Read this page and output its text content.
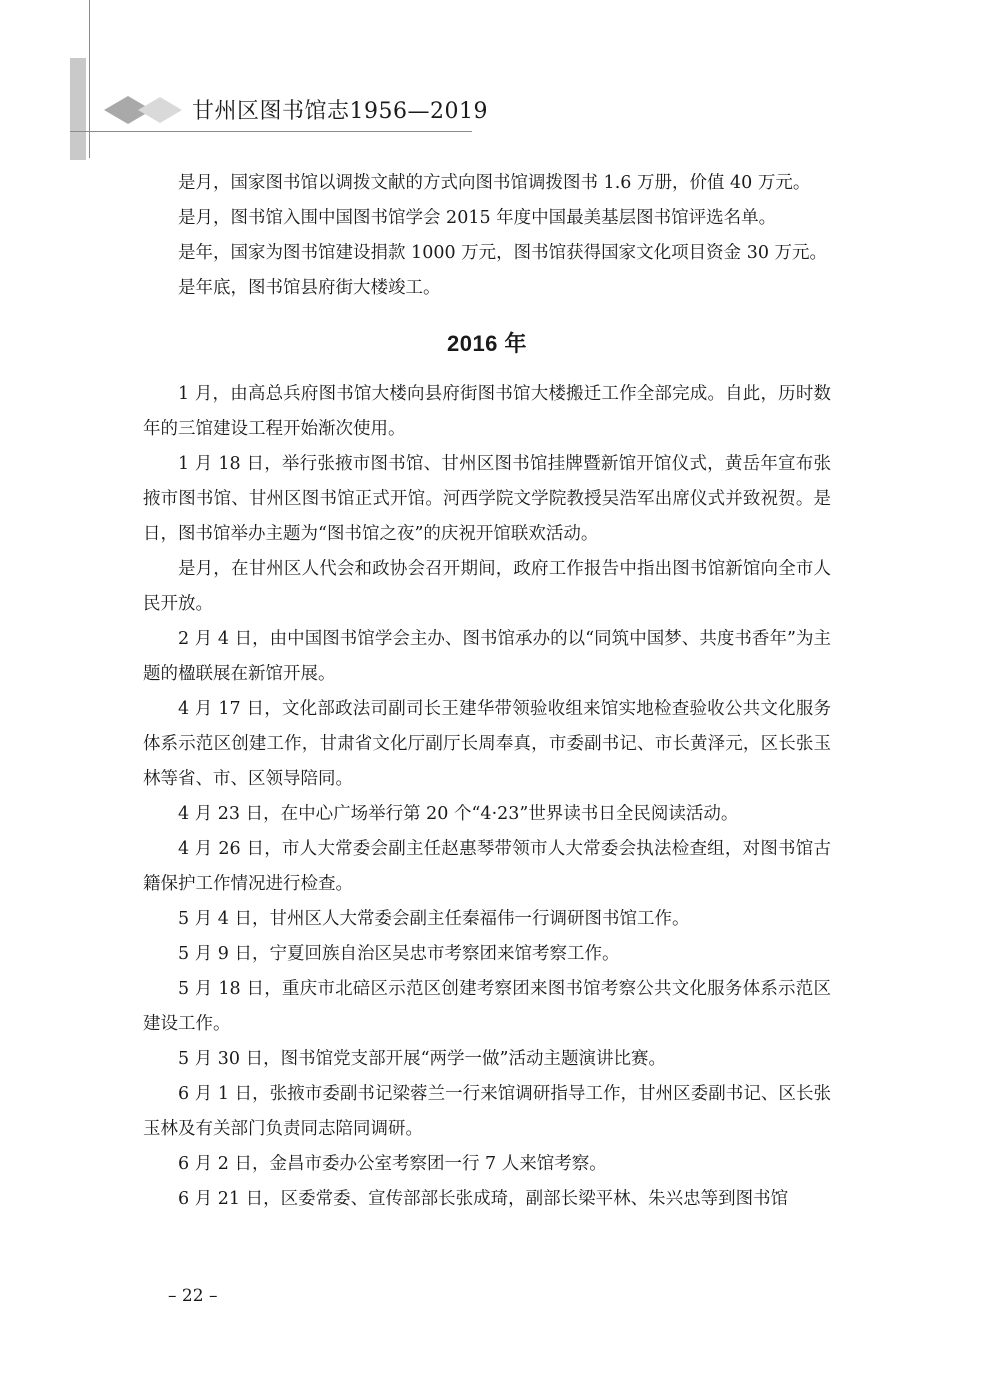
甘州区图书馆志1956—2019

是月，国家图书馆以调拨文献的方式向图书馆调拨图书 1.6 万册，价值 40 万元。

是月，图书馆入围中国图书馆学会 2015 年度中国最美基层图书馆评选名单。

是年，国家为图书馆建设捐款 1000 万元，图书馆获得国家文化项目资金 30 万元。

是年底，图书馆县府街大楼竣工。

2016 年

1 月，由高总兵府图书馆大楼向县府街图书馆大楼搬迁工作全部完成。自此，历时数年的三馆建设工程开始渐次使用。

1 月 18 日，举行张掖市图书馆、甘州区图书馆挂牌暨新馆开馆仪式，黄岳年宣布张掖市图书馆、甘州区图书馆正式开馆。河西学院文学院教授吴浩军出席仪式并致祝贺。是日，图书馆举办主题为“图书馆之夜”的庆祝开馆联欢活动。

是月，在甘州区人代会和政协会召开期间，政府工作报告中指出图书馆新馆向全市人民开放。

2 月 4 日，由中国图书馆学会主办、图书馆承办的以“同筑中国梦、共度书香年”为主题的楹联展在新馆开展。

4 月 17 日，文化部政法司副司长王建华带领验收组来馆实地检查验收公共文化服务体系示范区创建工作，甘肃省文化厅副厅长周奉真，市委副书记、市长黄泽元，区长张玉林等省、市、区领导陪同。

4 月 23 日，在中心广场举行第 20 个“4·23”世界读书日全民阅读活动。

4 月 26 日，市人大常委会副主任赵惠琴带领市人大常委会执法检查组，对图书馆古籍保护工作情况进行检查。

5 月 4 日，甘州区人大常委会副主任秦福伟一行调研图书馆工作。

5 月 9 日，宁夏回族自治区吴忠市考察团来馆考察工作。

5 月 18 日，重庆市北碚区示范区创建考察团来图书馆考察公共文化服务体系示范区建设工作。

5 月 30 日，图书馆党支部开展“两学一做”活动主题演讲比赛。

6 月 1 日，张掖市委副书记梁蓉兰一行来馆调研指导工作，甘州区委副书记、区长张玉林及有关部门负责同志陪同调研。

6 月 2 日，金昌市委办公室考察团一行 7 人来馆考察。

6 月 21 日，区委常委、宣传部部长张成琦，副部长梁平林、朱兴忠等到图书馆

– 22 –
